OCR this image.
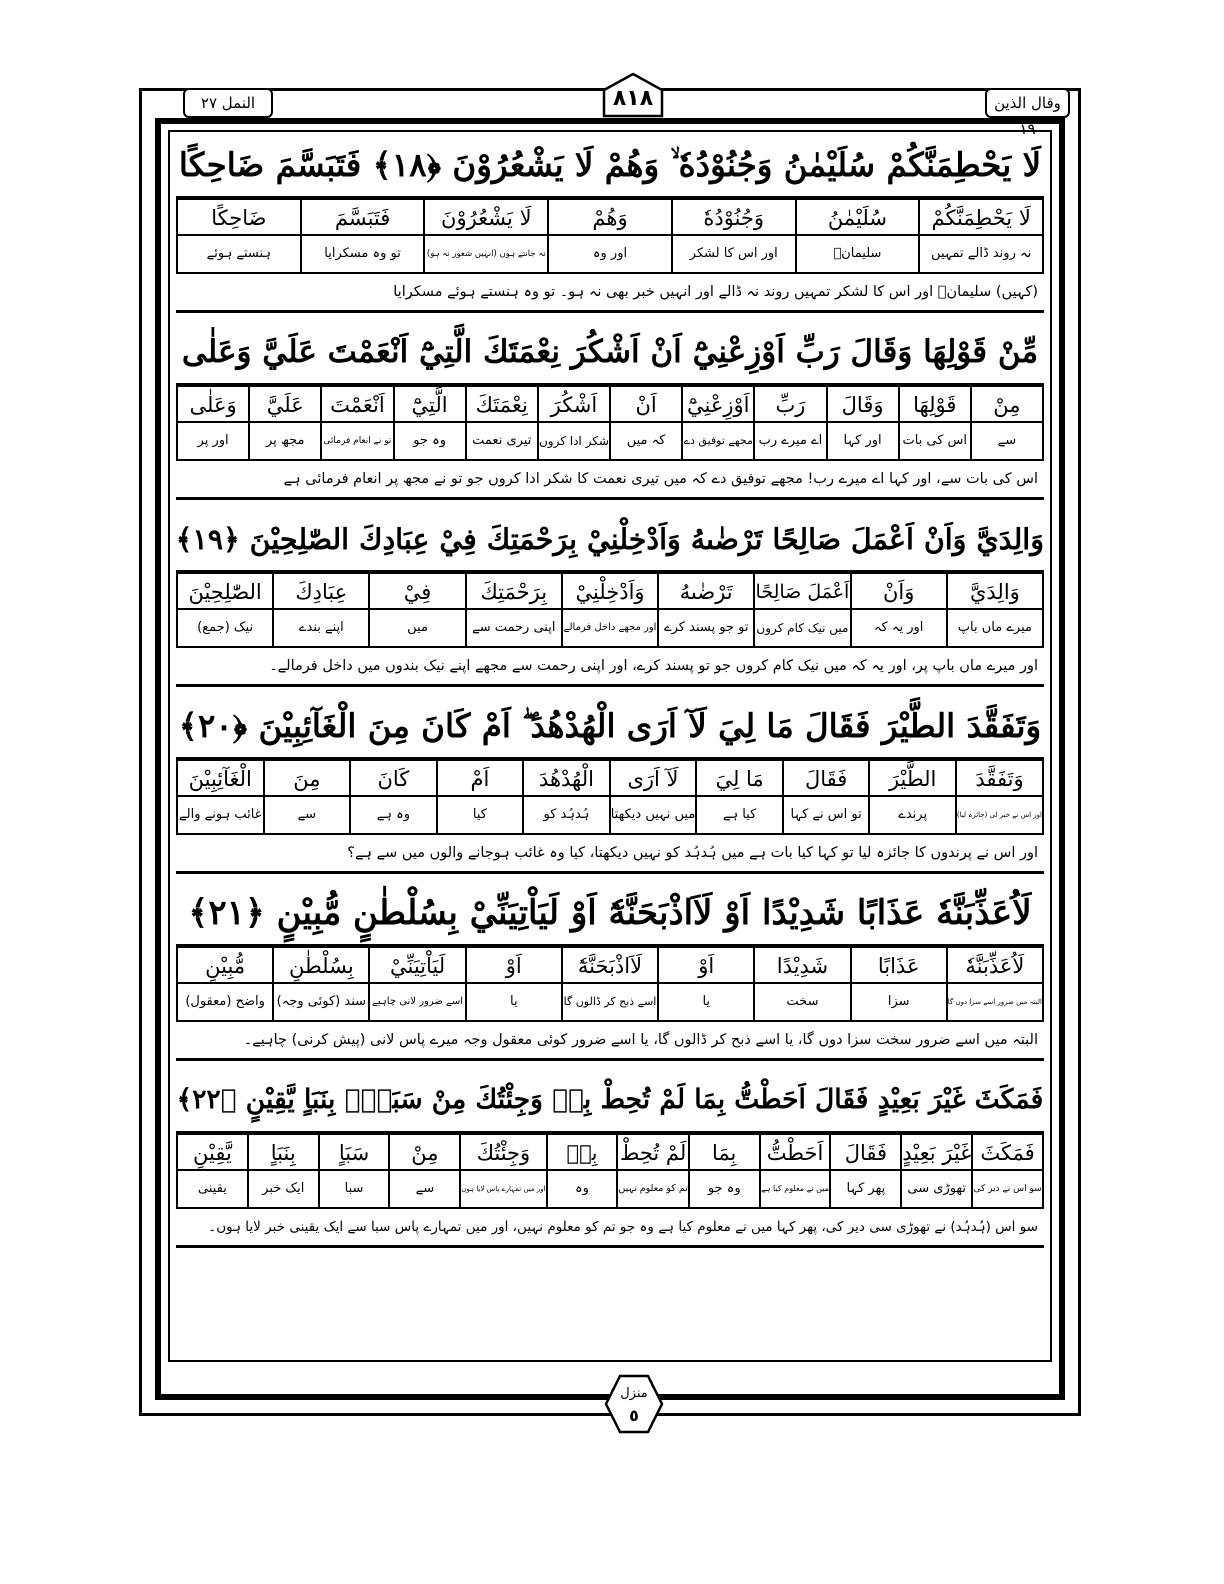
النمل ٢٧	٨١٨	وقال الذين ١٩
لَا يَحْطِمَنَّكُمْ سُلَيْمٰنُ وَجُنُوْدُهٗ ۙ وَهُمْ لَا يَشْعُرُوْنَ ﴿١٨﴾ فَتَبَسَّمَ ضَاحِكًا
لَا يَحْطِمَنَّكُمْ
سُلَيْمٰنُ
وَجُنُوْدُهٗ
وَهُمْ
لَا يَشْعُرُوْنَ
فَتَبَسَّمَ
ضَاحِكًا
نہ روند ڈالے تمہیں
سلیمانؑ
اور اس کا لشکر
اور وہ
نہ جانتے ہوں (انہیں شعور نہ ہو)
تو وہ مسکرایا
ہنستے ہوئے
(کہیں) سلیمانؑ اور اس کا لشکر تمہیں روند نہ ڈالے اور انہیں خبر بھی نہ ہو۔ تو وہ ہنستے ہوئے مسکرایا
مِّنْ قَوْلِهَا وَقَالَ رَبِّ اَوْزِعْنِيْٓ اَنْ اَشْكُرَ نِعْمَتَكَ الَّتِيْٓ اَنْعَمْتَ عَلَيَّ وَعَلٰى
مِنْ
قَوْلِهَا
وَقَالَ
رَبِّ
اَوْزِعْنِيْٓ
اَنْ
اَشْكُرَ
نِعْمَتَكَ
الَّتِيْٓ
اَنْعَمْتَ
عَلَيَّ
وَعَلٰى
سے
اس کی بات
اور کہا
اے میرے رب
مجھے توفیق دے
کہ میں
شکر ادا کروں
تیری نعمت
وہ جو
تو نے انعام فرمائی
مجھ پر
اور پر
اس کی بات سے، اور کہا اے میرے رب! مجھے توفیق دے کہ میں تیری نعمت کا شکر ادا کروں جو تو نے مجھ پر انعام فرمائی ہے
وَالِدَيَّ وَاَنْ اَعْمَلَ صَالِحًا تَرْضٰىهُ وَاَدْخِلْنِيْ بِرَحْمَتِكَ فِيْ عِبَادِكَ الصّٰلِحِيْنَ ﴿١٩﴾
وَالِدَيَّ
وَاَنْ
اَعْمَلَ صَالِحًا
تَرْضٰىهُ
وَاَدْخِلْنِيْ
بِرَحْمَتِكَ
فِيْ
عِبَادِكَ
الصّٰلِحِيْنَ
میرے ماں باپ
اور یہ کہ
میں نیک کام کروں
تو جو پسند کرے
اور مجھے داخل فرمالے
اپنی رحمت سے
میں
اپنے بندے
نیک (جمع)
اور میرے ماں باپ پر، اور یہ کہ میں نیک کام کروں جو تو پسند کرے، اور اپنی رحمت سے مجھے اپنے نیک بندوں میں داخل فرمالے۔
وَتَفَقَّدَ الطَّيْرَ فَقَالَ مَا لِيَ لَآ اَرَى الْهُدْهُدَ ۖ اَمْ كَانَ مِنَ الْغَآئِبِيْنَ ﴿٢٠﴾
وَتَفَقَّدَ
الطَّيْرَ
فَقَالَ
مَا لِيَ
لَآ اَرَى
الْهُدْهُدَ
اَمْ
كَانَ
مِنَ
الْغَآئِبِيْنَ
اور اس نے خبر لی (جائزہ لیا)
پرندے
تو اس نے کہا
کیا ہے
میں نہیں دیکھتا
ہُدہُد کو
کیا
وہ ہے
سے
غائب ہونے والے
اور اس نے پرندوں کا جائزہ لیا تو کہا کیا بات ہے میں ہُدہُد کو نہیں دیکھتا، کیا وہ غائب ہوجانے والوں میں سے ہے؟
لَاُعَذِّبَنَّهٗ عَذَابًا شَدِيْدًا اَوْ لَاَاذْبَحَنَّهٗٓ اَوْ لَيَاْتِيَنِّيْ بِسُلْطٰنٍ مُّبِيْنٍ ﴿٢١﴾
لَاُعَذِّبَنَّهٗ
عَذَابًا
شَدِيْدًا
اَوْ
لَاَاذْبَحَنَّهٗٓ
اَوْ
لَيَاْتِيَنِّيْ
بِسُلْطٰنٍ
مُّبِيْنٍ
البتہ میں ضرور اسے سزا دوں گا
سزا
سخت
یا
اسے ذبح کر ڈالوں گا
یا
اسے ضرور لانی چاہیے
سند (کوئی وجہ)
واضح (معقول)
البتہ میں اسے ضرور سخت سزا دوں گا، یا اسے ذبح کر ڈالوں گا، یا اسے ضرور کوئی معقول وجہ میرے پاس لانی (پیش کرنی) چاہیے۔
فَمَكَثَ غَيْرَ بَعِيْدٍ فَقَالَ اَحَطْتُّ بِمَا لَمْ تُحِطْ بِهٖ وَجِئْتُكَ مِنْ سَبَاٍۭ بِنَبَاٍ يَّقِيْنٍ ﴿٢٢﴾
فَمَكَثَ
غَيْرَ بَعِيْدٍ
فَقَالَ
اَحَطْتُّ
بِمَا
لَمْ تُحِطْ
بِهٖ
وَجِئْتُكَ
مِنْ
سَبَاٍ
بِنَبَاٍ
يَّقِيْنٍ
سو اس نے دیر کی
تھوڑی سی
پھر کہا
میں نے معلوم کیا ہے
وہ جو
تم کو معلوم نہیں
وہ
اور میں تمہارے پاس لایا ہوں
سے
سبا
ایک خبر
یقینی
سو اس (ہُدہُد) نے تھوڑی سی دیر کی، پھر کہا میں نے معلوم کیا ہے وہ جو تم کو معلوم نہیں، اور میں تمہارے پاس سبا سے ایک یقینی خبر لایا ہوں۔
منزل
٥
